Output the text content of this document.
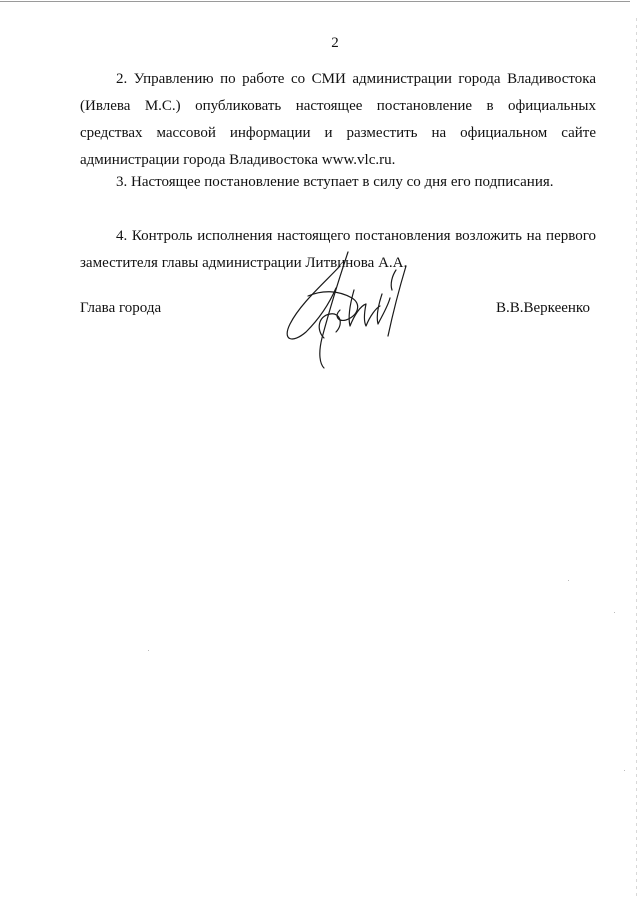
2

2. Управлению по работе со СМИ администрации города Владивостока (Ивлева М.С.) опубликовать настоящее постановление в официальных средствах массовой информации и разместить на официальном сайте администрации города Владивостока www.vlc.ru.

3. Настоящее постановление вступает в силу со дня его подписания.

4. Контроль исполнения настоящего постановления возложить на первого заместителя главы администрации Литвинова А.А.

Глава города	В.В.Веркеенко
